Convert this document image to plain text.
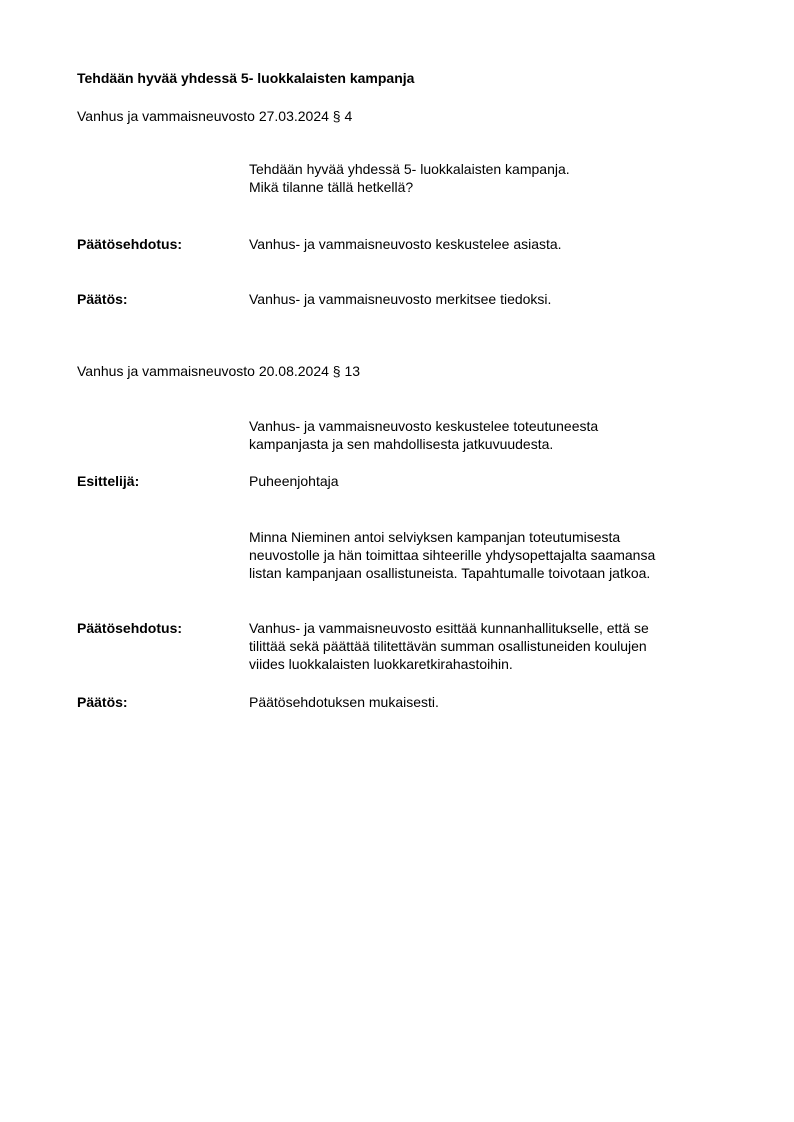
Tehdään hyvää yhdessä 5- luokkalaisten kampanja
Vanhus ja vammaisneuvosto 27.03.2024 § 4
Tehdään hyvää yhdessä 5- luokkalaisten kampanja.
Mikä tilanne tällä hetkellä?
Päätösehdotus:	Vanhus- ja vammaisneuvosto keskustelee asiasta.
Päätös:	Vanhus- ja vammaisneuvosto merkitsee tiedoksi.
Vanhus ja vammaisneuvosto 20.08.2024 § 13
Vanhus- ja vammaisneuvosto keskustelee toteutuneesta
kampanjasta ja sen mahdollisesta jatkuvuudesta.
Esittelijä:	Puheenjohtaja
Minna Nieminen antoi selviyksen kampanjan toteutumisesta
neuvostolle ja hän toimittaa sihteerille yhdysopettajalta saamansa
listan kampanjaan osallistuneista. Tapahtumalle toivotaan jatkoa.
Päätösehdotus:	Vanhus- ja vammaisneuvosto esittää kunnanhallitukselle, että se
tilittää sekä päättää tilitettävän summan osallistuneiden koulujen
viides luokkalaisten luokkaretkirahastoihin.
Päätös:	Päätösehdotuksen mukaisesti.
